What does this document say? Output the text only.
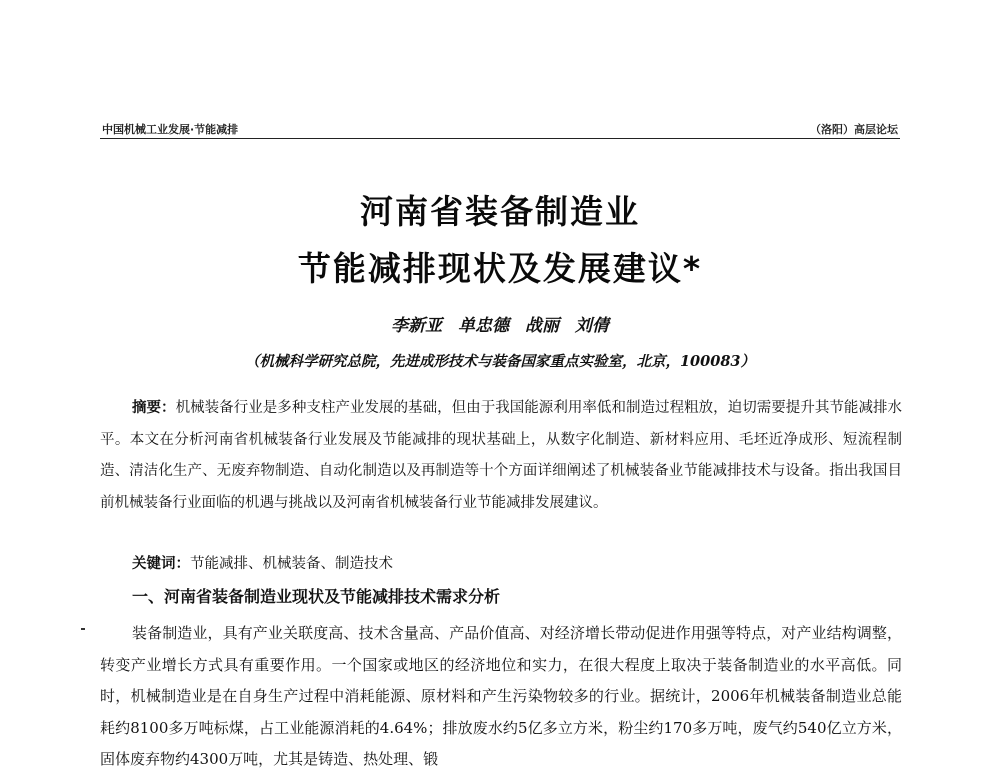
中国机械工业发展·节能减排	（洛阳）高层论坛
河南省装备制造业
节能减排现状及发展建议*
李新亚 单忠德 战丽 刘倩
（机械科学研究总院，先进成形技术与装备国家重点实验室，北京，100083）

摘要：机械装备行业是多种支柱产业发展的基础，但由于我国能源利用率低和制造过程粗放，迫切需要提升其节能减排水平。本文在分析河南省机械装备行业发展及节能减排的现状基础上，从数字化制造、新材料应用、毛坯近净成形、短流程制造、清洁化生产、无废弃物制造、自动化制造以及再制造等十个方面详细阐述了机械装备业节能减排技术与设备。指出我国目前机械装备行业面临的机遇与挑战以及河南省机械装备行业节能减排发展建议。

关键词：节能减排、机械装备、制造技术

一、河南省装备制造业现状及节能减排技术需求分析

装备制造业，具有产业关联度高、技术含量高、产品价值高、对经济增长带动促进作用强等特点，对产业结构调整，转变产业增长方式具有重要作用。一个国家或地区的经济地位和实力，在很大程度上取决于装备制造业的水平高低。同时，机械制造业是在自身生产过程中消耗能源、原材料和产生污染物较多的行业。据统计，2006年机械装备制造业总能耗约8100多万吨标煤，占工业能源消耗的4.64%；排放废水约5亿多立方米，粉尘约170多万吨，废气约540亿立方米，固体废弃物约4300万吨，尤其是铸造、热处理、锻
